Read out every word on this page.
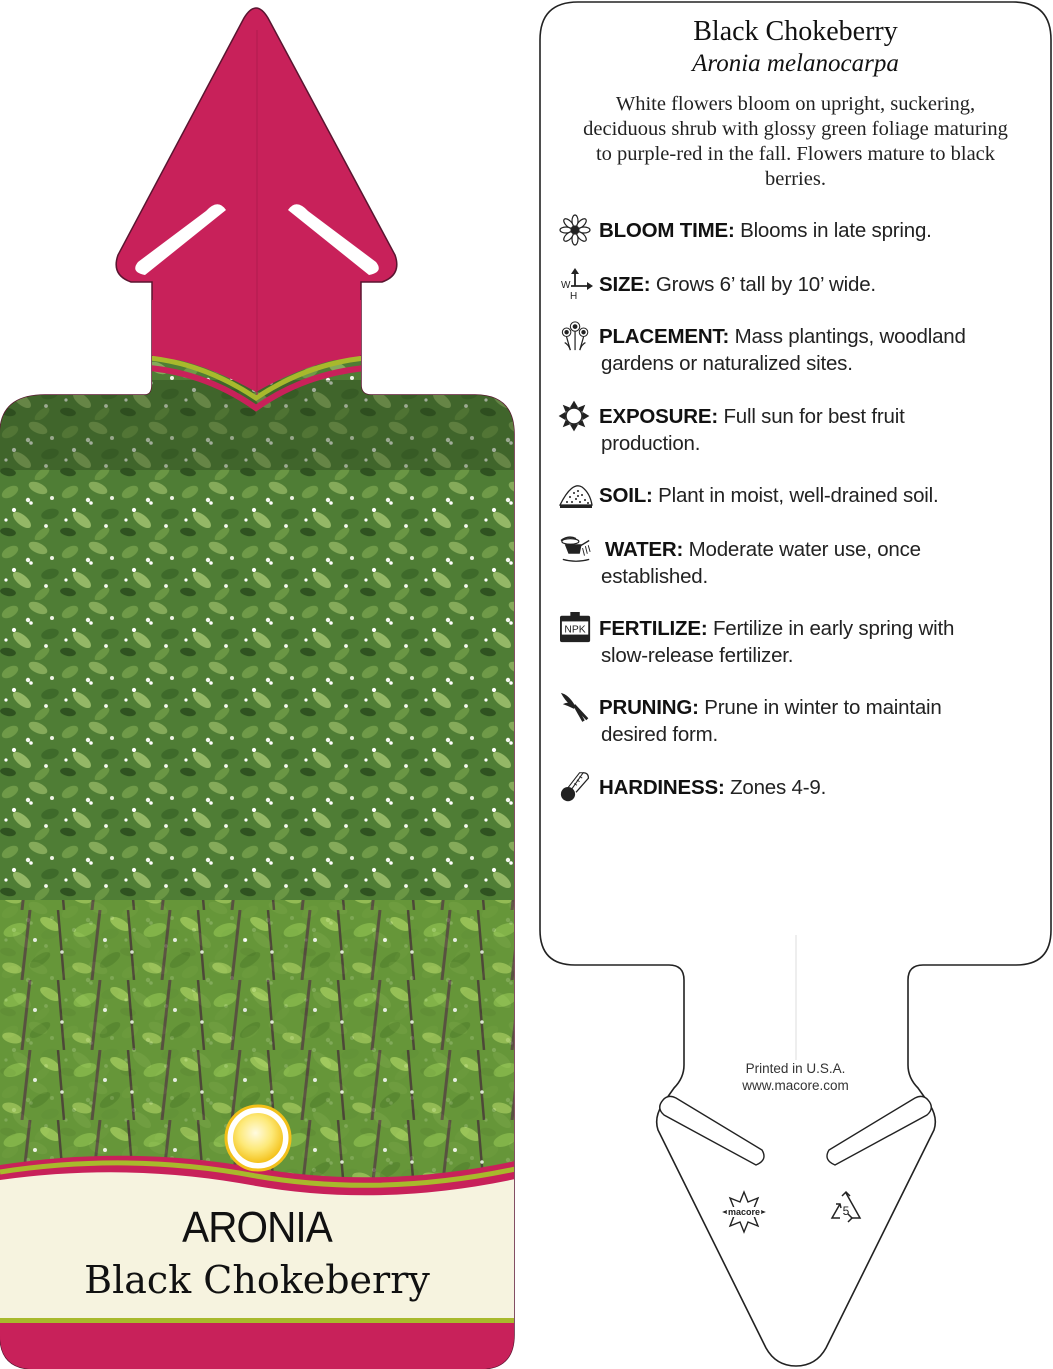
ARONIA
Black Chokeberry
Black Chokeberry
Aronia melanocarpa
White flowers bloom on upright, suckering, deciduous shrub with glossy green foliage maturing to purple-red in the fall. Flowers mature to black berries.
BLOOM TIME: Blooms in late spring.
W
H
SIZE: Grows 6’ tall by 10’ wide.
PLACEMENT: Mass plantings, woodland
gardens or naturalized sites.
EXPOSURE: Full sun for best fruit
production.
SOIL: Plant in moist, well-drained soil.
WATER: Moderate water use, once
established.
NPK FERTILIZE: Fertilize in early spring with
slow-release fertilizer.
PRUNING: Prune in winter to maintain
desired form.
HARDINESS: Zones 4-9.
Printed in U.S.A.
www.macore.com
macore	5
